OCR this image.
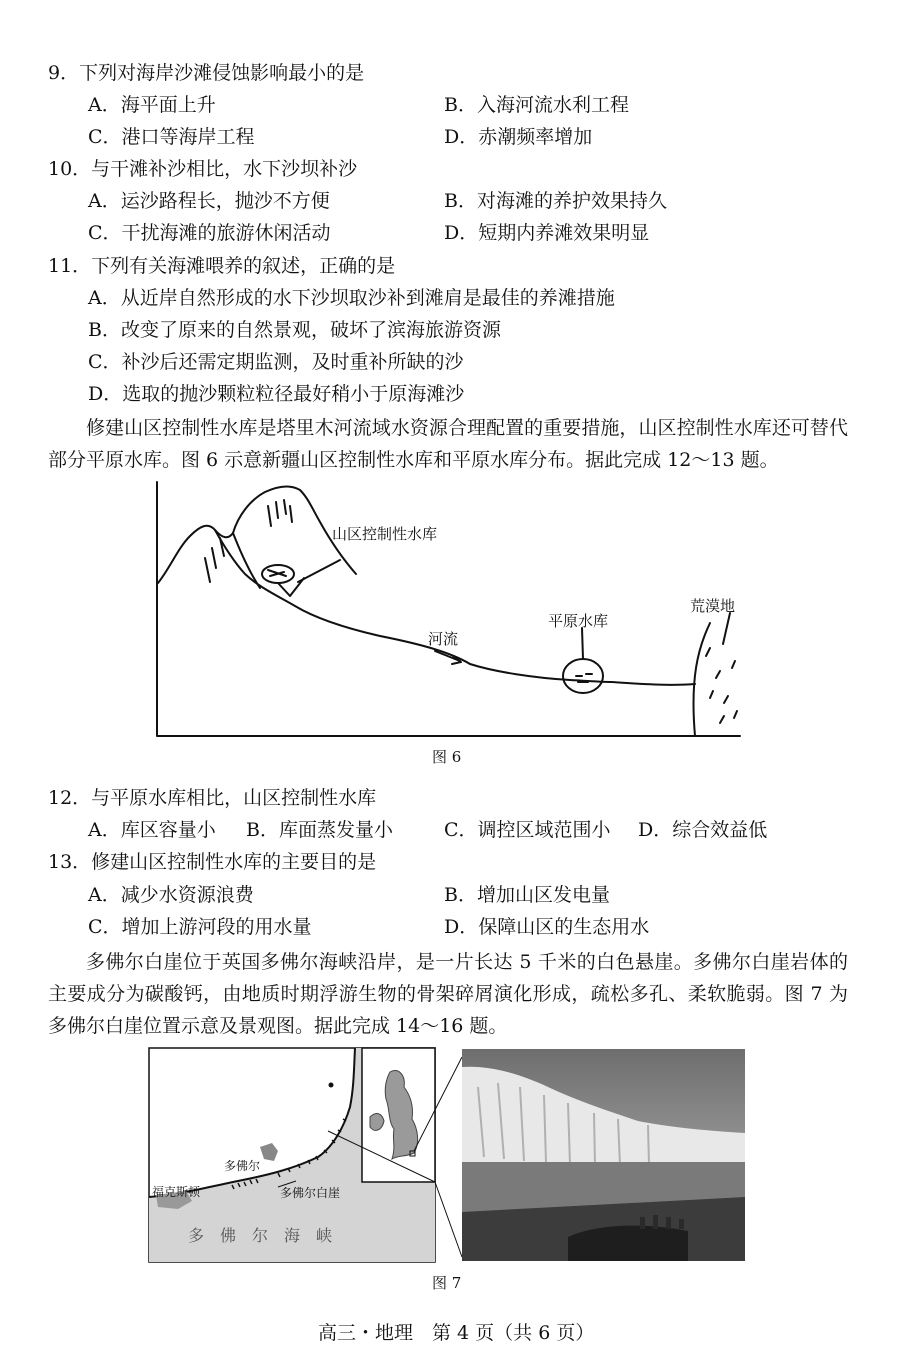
9．下列对海岸沙滩侵蚀影响最小的是
A．海平面上升	B．入海河流水利工程
C．港口等海岸工程	D．赤潮频率增加
10．与干滩补沙相比，水下沙坝补沙
A．运沙路程长，抛沙不方便	B．对海滩的养护效果持久
C．干扰海滩的旅游休闲活动	D．短期内养滩效果明显
11．下列有关海滩喂养的叙述，正确的是
A．从近岸自然形成的水下沙坝取沙补到滩肩是最佳的养滩措施
B．改变了原来的自然景观，破坏了滨海旅游资源
C．补沙后还需定期监测，及时重补所缺的沙
D．选取的抛沙颗粒粒径最好稍小于原海滩沙
修建山区控制性水库是塔里木河流域水资源合理配置的重要措施，山区控制性水库还可替代部分平原水库。图 6 示意新疆山区控制性水库和平原水库分布。据此完成 12～13 题。
山区控制性水库
河流
平原水库
荒漠地
图 6
12．与平原水库相比，山区控制性水库
A．库区容量小 B．库面蒸发量小	C．调控区域范围小 D．综合效益低
13．修建山区控制性水库的主要目的是
A．减少水资源浪费	B．增加山区发电量
C．增加上游河段的用水量	D．保障山区的生态用水
多佛尔白崖位于英国多佛尔海峡沿岸，是一片长达 5 千米的白色悬崖。多佛尔白崖岩体的主要成分为碳酸钙，由地质时期浮游生物的骨架碎屑演化形成，疏松多孔、柔软脆弱。图 7 为多佛尔白崖位置示意及景观图。据此完成 14～16 题。
多佛尔
福克斯顿	多佛尔白崖
多　佛　尔　海　峡
图 7
高三・地理　第 4 页（共 6 页）
